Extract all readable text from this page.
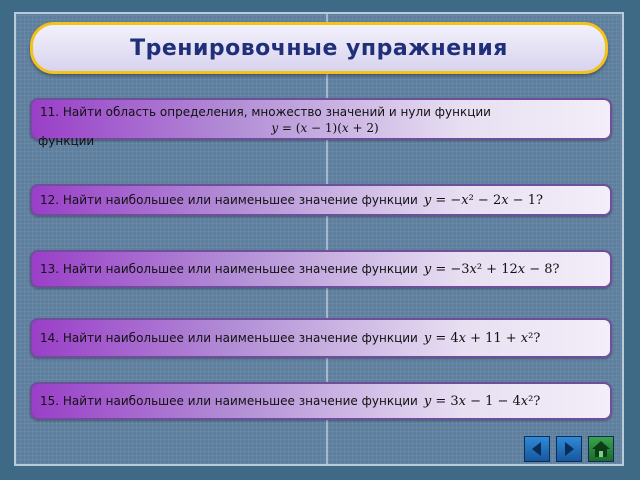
Тренировочные упражнения
11. Найти область определения, множество значений и нули функции
𝑦 = (𝑥 − 1)(𝑥 + 2)
функции
12. Найти наибольшее или наименьшее значение функции 𝑦 = −𝑥² − 2𝑥 − 1?
13. Найти наибольшее или наименьшее значение функции 𝑦 = −3𝑥² + 12𝑥 − 8?
14. Найти наибольшее или наименьшее значение функции 𝑦 = 4𝑥 + 11 + 𝑥²?
15. Найти наибольшее или наименьшее значение функции 𝑦 = 3𝑥 − 1 − 4𝑥²?
